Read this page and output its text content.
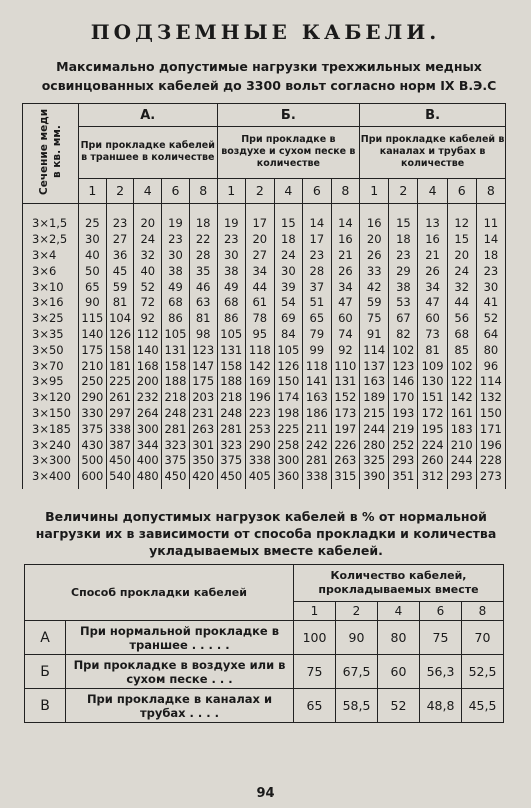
ПОДЗЕМНЫЕ КАБЕЛИ.
Максимально допустимые нагрузки трехжильных медных освинцованных кабелей до 3300 вольт согласно норм IX В.Э.С
Сечение меди в кв. мм.	А.					Б.					В.				
	При прокладке кабелей в траншее в количестве					При прокладке в воздухе и сухом песке в количестве					При прокладке кабелей в каналах и трубах в количестве				
	1	2	4	6	8	1	2	4	6	8	1	2	4	6	8
3×1,5	25	23	20	19	18	19	17	15	14	14	16	15	13	12	11
3×2,5	30	27	24	23	22	23	20	18	17	16	20	18	16	15	14
3×4	40	36	32	30	28	30	27	24	23	21	26	23	21	20	18
3×6	50	45	40	38	35	38	34	30	28	26	33	29	26	24	23
3×10	65	59	52	49	46	49	44	39	37	34	42	38	34	32	30
3×16	90	81	72	68	63	68	61	54	51	47	59	53	47	44	41
3×25	115	104	92	86	81	86	78	69	65	60	75	67	60	56	52
3×35	140	126	112	105	98	105	95	84	79	74	91	82	73	68	64
3×50	175	158	140	131	123	131	118	105	99	92	114	102	81	85	80
3×70	210	181	168	158	147	158	142	126	118	110	137	123	109	102	96
3×95	250	225	200	188	175	188	169	150	141	131	163	146	130	122	114
3×120	290	261	232	218	203	218	196	174	163	152	189	170	151	142	132
3×150	330	297	264	248	231	248	223	198	186	173	215	193	172	161	150
3×185	375	338	300	281	263	281	253	225	211	197	244	219	195	183	171
3×240	430	387	344	323	301	323	290	258	242	226	280	252	224	210	196
3×300	500	450	400	375	350	375	338	300	281	263	325	293	260	244	228
3×400	600	540	480	450	420	450	405	360	338	315	390	351	312	293	273
Величины допустимых нагрузок кабелей в % от нормальной нагрузки их в зависимости от способа прокладки и количества укладываемых вместе кабелей.
Способ прокладки кабелей		Количество кабелей, прокладываемых вместе				
		1	2	4	6	8
А	При нормальной прокладке в траншее . . . . .	100	90	80	75	70
Б	При прокладке в воздухе или в сухом песке . . .	75	67,5	60	56,3	52,5
В	При прокладке в каналах и трубах . . . .	65	58,5	52	48,8	45,5
94
